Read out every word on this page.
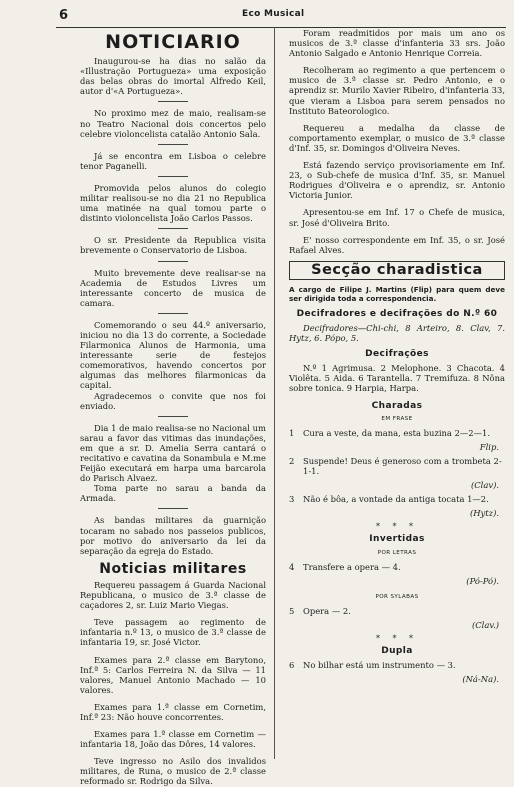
6	Eco Musical
NOTICIARIO

Inaugurou-se ha dias no salão da «Illustração Portugueza» uma exposição das belas obras do imortal Alfredo Keil, autor d'«A Portugueza».

No proximo mez de maio, realisam-se no Teatro Nacional dois concertos pelo celebre violoncelista catalão Antonio Sala.

Já se encontra em Lisboa o celebre tenor Paganelli.

Promovida pelos alunos do colegio militar realisou-se no dia 21 no Republica uma matinée na qual tomou parte o distinto violoncelista João Carlos Passos.

O sr. Presidente da Republica visita brevemente o Conservatorio de Lisboa.

Muito brevemente deve realisar-se na Academia de Estudos Livres um interessante concerto de musica de camara.

Comemorando o seu 44.º aniversario, iniciou no dia 13 do corrente, a Sociedade Filarmonica Alunos de Harmonia, uma interessante serie de festejos comemorativos, havendo concertos por algumas das melhores filarmonicas da capital.

Agradecemos o convite que nos foi enviado.

Dia 1 de maio realisa-se no Nacional um sarau a favor das vitimas das inundações, em que a sr. D. Amelia Serra cantará o recitativo e cavatina da Sonambula e M.me Feijão executará em harpa uma barcarola do Parisch Alvaez.

Toma parte no sarau a banda da Armada.

As bandas militares da guarnição tocaram no sabado nos passeios publicos, por motivo do aniversario da lei da separação da egreja do Estado.

Noticias militares

Requereu passagem á Guarda Nacional Republicana, o musico de 3.ª classe de caçadores 2, sr. Luiz Mario Viegas.

Teve passagem ao regimento de infantaria n.º 13, o musico de 3.ª classe de infantaria 19, sr. José Victor.

Exames para 2.ª classe em Barytono, Inf.ª 5: Carlos Ferreira N. da Silva — 11 valores, Manuel Antonio Machado — 10 valores.

Exames para 1.ª classe em Cornetim, Inf.ª 23: Não houve concorrentes.

Exames para 1.ª classe em Cornetim — infantaria 18, João das Dôres, 14 valores.

Teve ingresso no Asilo dos invalidos militares, de Runa, o musico de 2.ª classe reformado sr. Rodrigo da Silva.

Foram readmitidos por mais um ano os musicos de 3.ª classe d'infanteria 33 srs. João Antonio Salgado e Antonio Henrique Correia.

Recolheram ao regimento a que pertencem o musico de 3.ª classe sr. Pedro Antonio, e o aprendiz sr. Murilo Xavier Ribeiro, d'infanteria 33, que vieram a Lisboa para serem pensados no Instituto Bateorologico.

Requereu a medalha da classe de comportamento exemplar, o musico de 3.ª classe d'Inf. 35, sr. Domingos d'Oliveira Neves.

Está fazendo serviço provisoriamente em Inf. 23, o Sub-chefe de musica d'Inf. 35, sr. Manuel Rodrigues d'Oliveira e o aprendiz, sr. Antonio Victoria Junior.

Apresentou-se em Inf. 17 o Chefe de musica, sr. José d'Oliveira Brito.

E' nosso correspondente em Inf. 35, o sr. José Rafael Alves.

Secção charadistica

A cargo de Filipe J. Martins (Flip) para quem deve ser dirigida toda a correspondencia.

Decifradores e decifrações do N.º 60

Decifradores—Chi-chi, 8 Arteiro, 8. Clav, 7. Hytz, 6. Pópo, 5.

Decifrações

N.º 1 Agrimusa. 2 Melophone. 3 Chacota. 4 Violêta. 5 Aida. 6 Tarantella. 7 Tremifuza. 8 Nôna sobre tonica. 9 Harpia, Harpa.

Charadas
EM FRASE
1	Cura a veste, da mana, esta buzina 2—2—1.
Flip.
2	Suspende! Deus é generoso com a trombeta 2-1-1.
(Clav).
3	Não é bôa, a vontade da antiga tocata 1—2.
(Hytz).
* * *
Invertidas
POR LETRAS
4	Transfere a opera — 4.
(Pó-Pó).
POR SYLABAS
5	Opera — 2.
(Clav.)
* * *
Dupla
6	No bilhar está um instrumento — 3.
(Ná-Na).
